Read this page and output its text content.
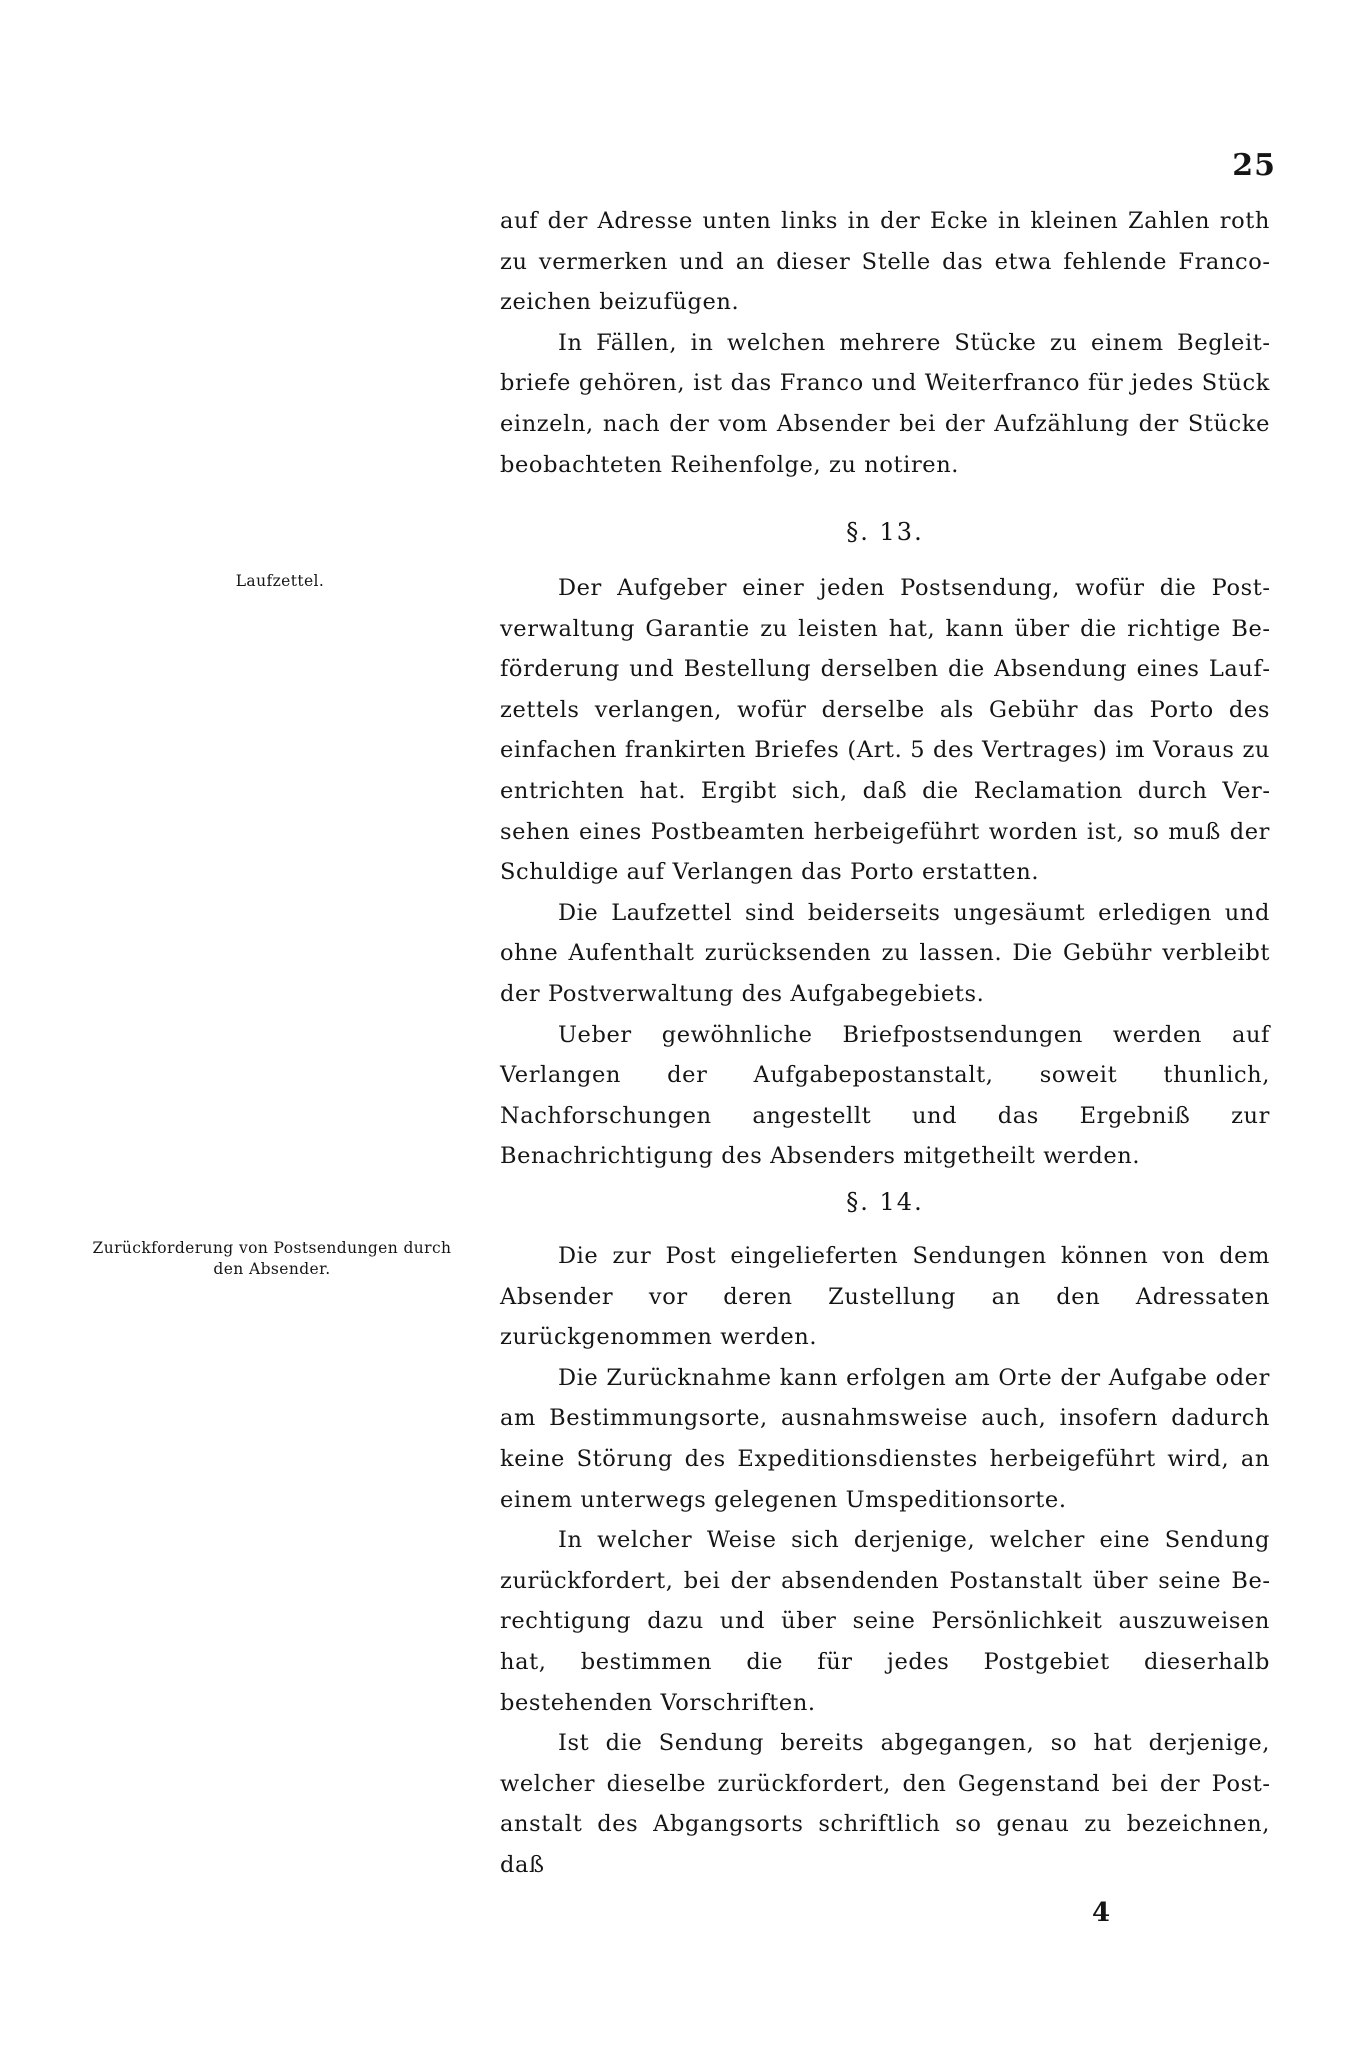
25

auf der Adresse unten links in der Ecke in kleinen Zahlen roth zu vermerken und an dieser Stelle das etwa fehlende Francozeichen beizufügen.

In Fällen, in welchen mehrere Stücke zu einem Begleitbriefe gehören, ist das Franco und Weiterfranco für jedes Stück einzeln, nach der vom Absender bei der Aufzählung der Stücke beobachteten Reihenfolge, zu notiren.

§. 13.
Laufzettel.	Der Aufgeber einer jeden Postsendung, wofür die Postverwaltung Garantie zu leisten hat, kann über die richtige Beförderung und Bestellung derselben die Absendung eines Laufzettels verlangen, wofür derselbe als Gebühr das Porto des einfachen frankirten Briefes (Art. 5 des Vertrages) im Voraus zu entrichten hat. Ergibt sich, daß die Reclamation durch Versehen eines Postbeamten herbeigeführt worden ist, so muß der Schuldige auf Verlangen das Porto erstatten.

Die Laufzettel sind beiderseits ungesäumt erledigen und ohne Aufenthalt zurücksenden zu lassen. Die Gebühr verbleibt der Postverwaltung des Aufgabegebiets.

Ueber gewöhnliche Briefpostsendungen werden auf Verlangen der Aufgabepostanstalt, soweit thunlich, Nachforschungen angestellt und das Ergebniß zur Benachrichtigung des Absenders mitgetheilt werden.

§. 14.
Zurückforderung von Postsendungen durch den Absender.	Die zur Post eingelieferten Sendungen können von dem Absender vor deren Zustellung an den Adressaten zurückgenommen werden.

Die Zurücknahme kann erfolgen am Orte der Aufgabe oder am Bestimmungsorte, ausnahmsweise auch, insofern dadurch keine Störung des Expeditionsdienstes herbeigeführt wird, an einem unterwegs gelegenen Umspeditionsorte.

In welcher Weise sich derjenige, welcher eine Sendung zurückfordert, bei der absendenden Postanstalt über seine Berechtigung dazu und über seine Persönlichkeit auszuweisen hat, bestimmen die für jedes Postgebiet dieserhalb bestehenden Vorschriften.

Ist die Sendung bereits abgegangen, so hat derjenige, welcher dieselbe zurückfordert, den Gegenstand bei der Postanstalt des Abgangsorts schriftlich so genau zu bezeichnen, daß

4
